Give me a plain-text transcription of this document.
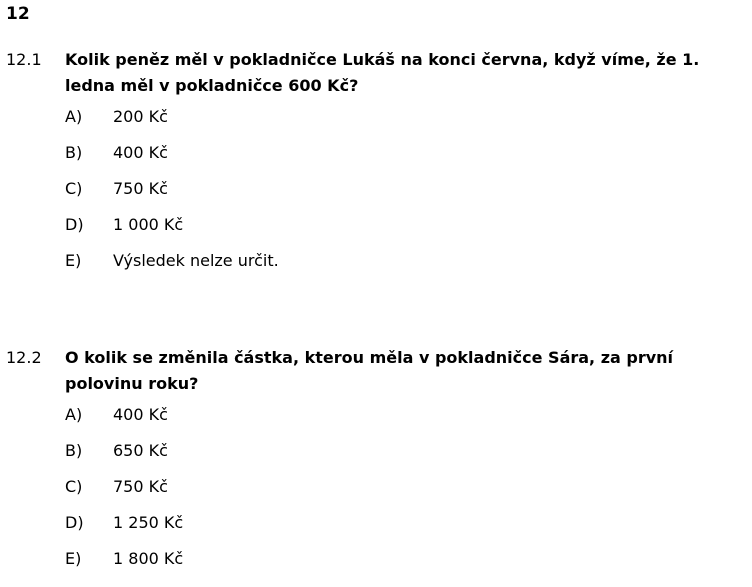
12
12.1 Kolik peněz měl v pokladničce Lukáš na konci června, když víme, že 1. ledna měl v pokladničce 600 Kč?
A) 200 Kč
B) 400 Kč
C) 750 Kč
D) 1 000 Kč
E) Výsledek nelze určit.
12.2 O kolik se změnila částka, kterou měla v pokladničce Sára, za první polovinu roku?
A) 400 Kč
B) 650 Kč
C) 750 Kč
D) 1 250 Kč
E) 1 800 Kč
